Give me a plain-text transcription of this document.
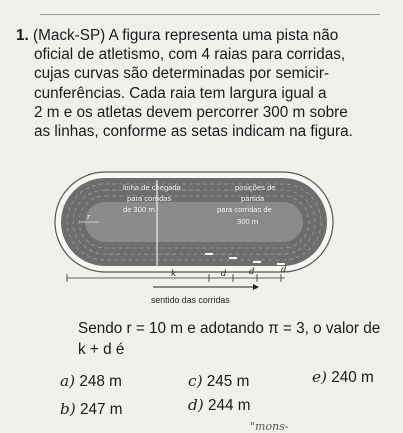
1. (Mack-SP) A figura representa uma pista não
oficial de atletismo, com 4 raias para corridas,
cujas curvas são determinadas por semicir-
cunferências. Cada raia tem largura igual a
2 m e os atletas devem percorrer 300 m sobre
as linhas, conforme as setas indicam na figura.
linha de chegada
para corridas
de 300 m
posições de
partida
para corridas de
300 m
r
k	d	d	d
sentido das corridas
Sendo r = 10 m e adotando π = 3, o valor de
k + d é
a) 248 m	c) 245 m	e) 240 m
b) 247 m	d) 244 m
"mons-
